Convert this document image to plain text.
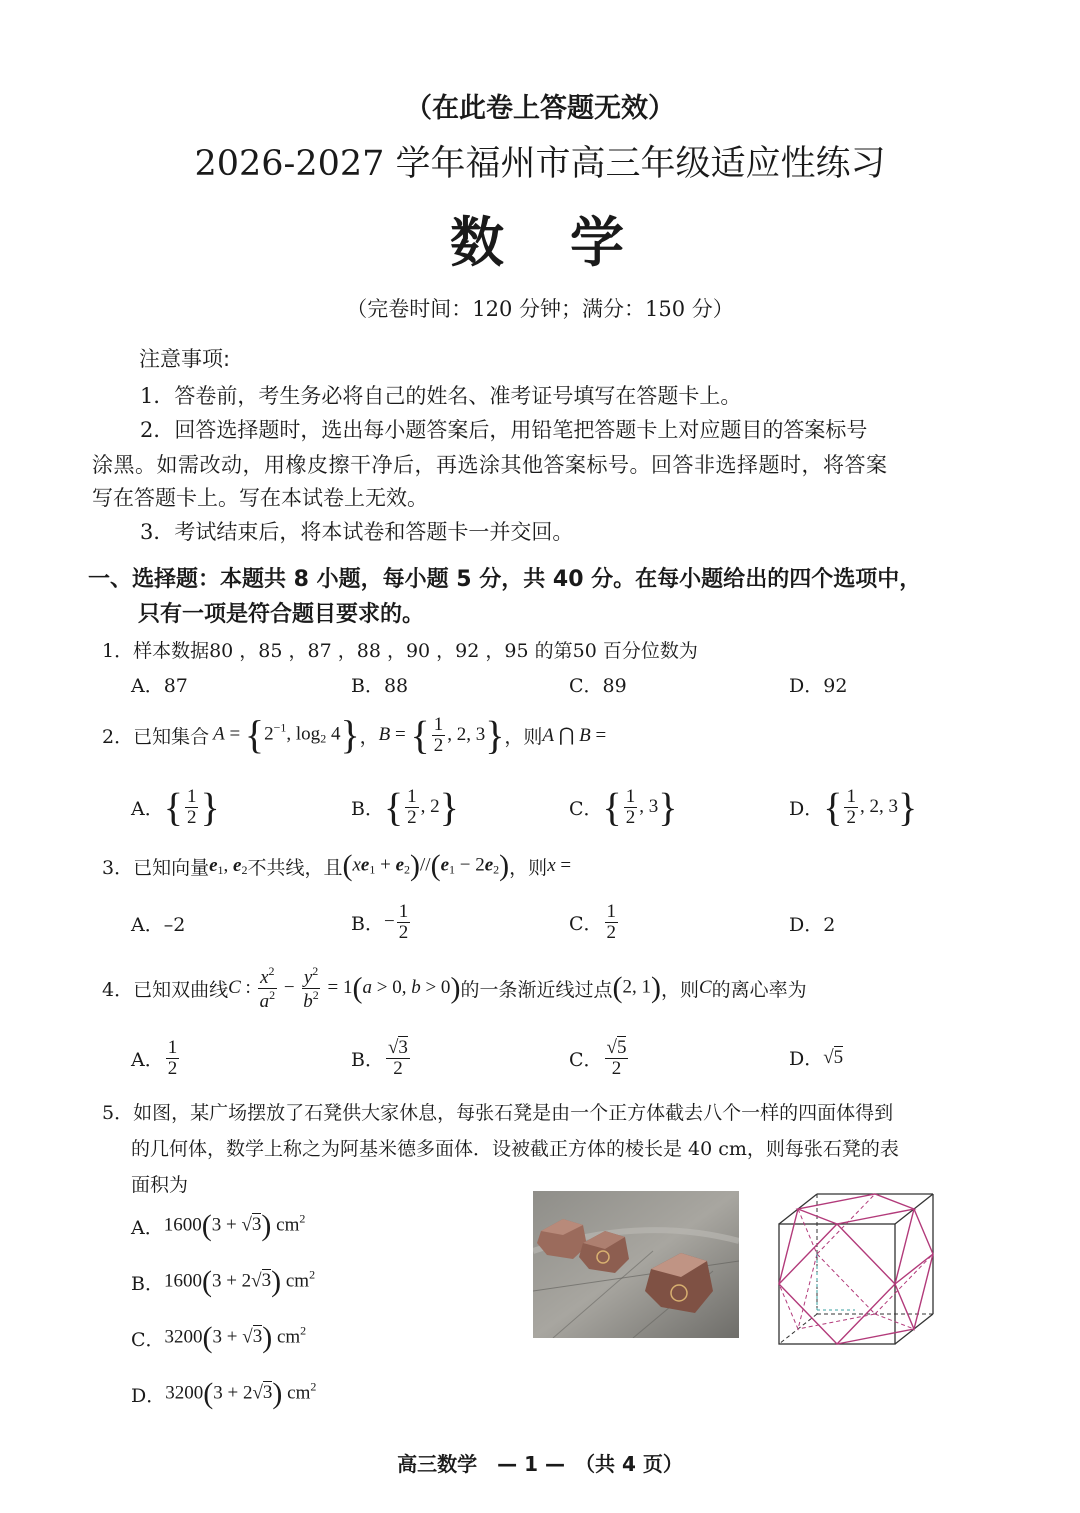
（在此卷上答题无效）
2026-2027 学年福州市高三年级适应性练习
数　学
（完卷时间：120 分钟；满分：150 分）
注意事项:
1．答卷前，考生务必将自己的姓名、准考证号填写在答题卡上。
2．回答选择题时，选出每小题答案后，用铅笔把答题卡上对应题目的答案标号
涂黑。如需改动，用橡皮擦干净后，再选涂其他答案标号。回答非选择题时，将答案
写在答题卡上。写在本试卷上无效。
3．考试结束后，将本试卷和答题卡一并交回。
一、选择题：本题共 8 小题，每小题 5 分，共 40 分。在每小题给出的四个选项中，
只有一项是符合题目要求的。
1．样本数据80 ，85 ，87 ，88 ，90 ，92 ，95 的第50 百分位数为
A．87	B．88	C．89	D．92
2．已知集合 $A = \{2^{-1}$, $\log_2 4$} ， B = { $\frac{1}{2}$ , 2, 3} ，则 A ⋂ B =
A． { $\frac{1}{2}$ }	B． { $\frac{1}{2}$ , 2}	C． { $\frac{1}{2}$ , 3}	D． { $\frac{1}{2}$ , 2, 3}
3．已知向量 $e_1$, $e_2$ 不共线，且 $(xe_1 + e_2)//(e_1 - 2e_2)$ ，则 x =
A．–2	B． − $\frac{1}{2}$	C． $\frac{1}{2}$	D．2
4．已知双曲线 C : $\frac{x^2}{a^2} - \frac{y^2}{b^2} = 1(a > 0$, b > 0) 的一条渐近线过点 (2, 1) ，则 C 的离心率为
A． $\frac{1}{2}$	B． $\frac{√3}{2}$	C． $\frac{√5}{2}$	D． √5
5．如图，某广场摆放了石凳供大家休息，每张石凳是由一个正方体截去八个一样的四面体得到
的几何体，数学上称之为阿基米德多面体．设被截正方体的棱长是 40 cm，则每张石凳的表
面积为
A． 1600(3 + √3) $cm^2$
B． 1600(3 + 2√3) $cm^2$
C． 3200(3 + √3) $cm^2$
D． 3200(3 + 2√3) $cm^2$
高三数学　— 1 —　（共 4 页）
